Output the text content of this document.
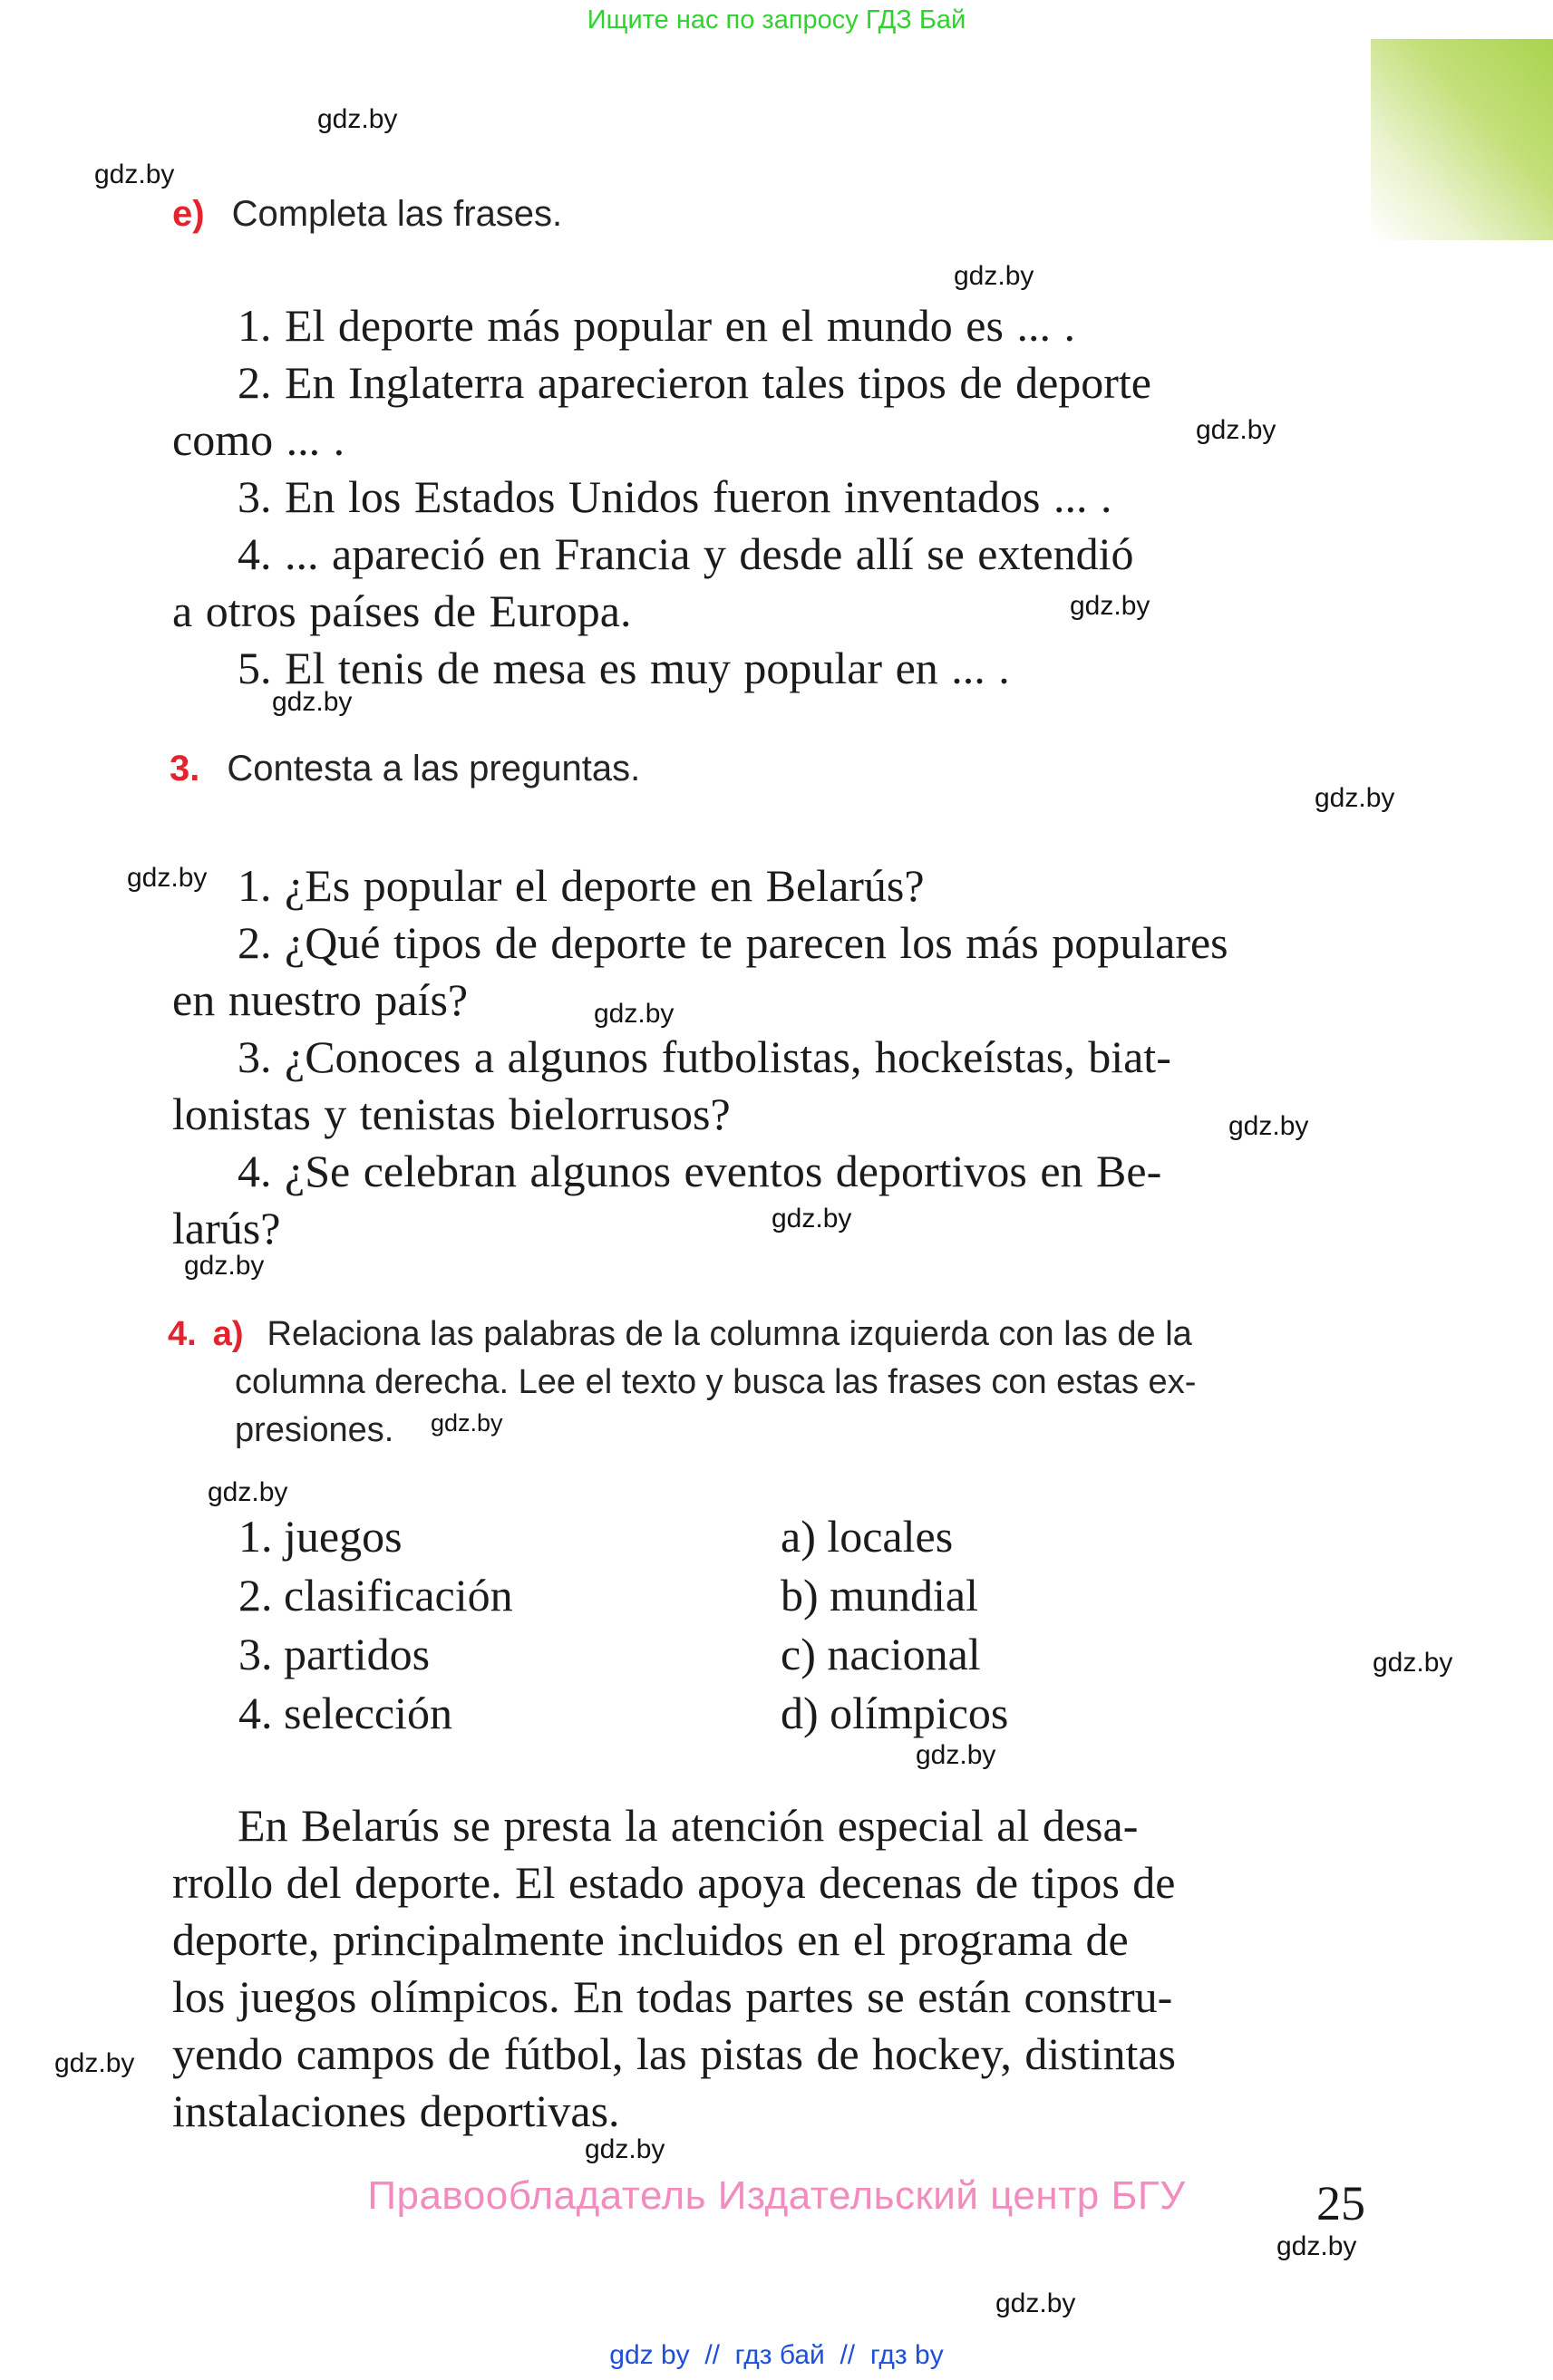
Ищите нас по запросу ГДЗ Бай
gdz.by
gdz.by
gdz.by
gdz.by
gdz.by
gdz.by
gdz.by
gdz.by
gdz.by
gdz.by
gdz.by
gdz.by
gdz.by
gdz.by
gdz.by
gdz.by
gdz.by
gdz.by
gdz.by
gdz.by
e) Completa las frases.
1. El deporte más popular en el mundo es ... .
2. En Inglaterra aparecieron tales tipos de deporte
como ... .
3. En los Estados Unidos fueron inventados ... .
4. ... apareció en Francia y desde allí se extendió
a otros países de Europa.
5. El tenis de mesa es muy popular en ... .
3. Contesta a las preguntas.
1. ¿Es popular el deporte en Belarús?
2. ¿Qué tipos de deporte te parecen los más populares
en nuestro país?
3. ¿Conoces a algunos futbolistas, hockeístas, biat-
lonistas y tenistas bielorrusos?
4. ¿Se celebran algunos eventos deportivos en Be-
larús?
4. a) Relaciona las palabras de la columna izquierda con las de la
columna derecha. Lee el texto y busca las frases con estas ex-
presiones.
1. juegos	a) locales
2. clasificación	b) mundial
3. partidos	c) nacional
4. selección	d) olímpicos
En Belarús se presta la atención especial al desa-
rrollo del deporte. El estado apoya decenas de tipos de
deporte, principalmente incluidos en el programa de
los juegos olímpicos. En todas partes se están constru-
yendo campos de fútbol, las pistas de hockey, distintas
instalaciones deportivas.
Правообладатель Издательский центр БГУ	25
gdz by  //  гдз бай  //  гдз by
